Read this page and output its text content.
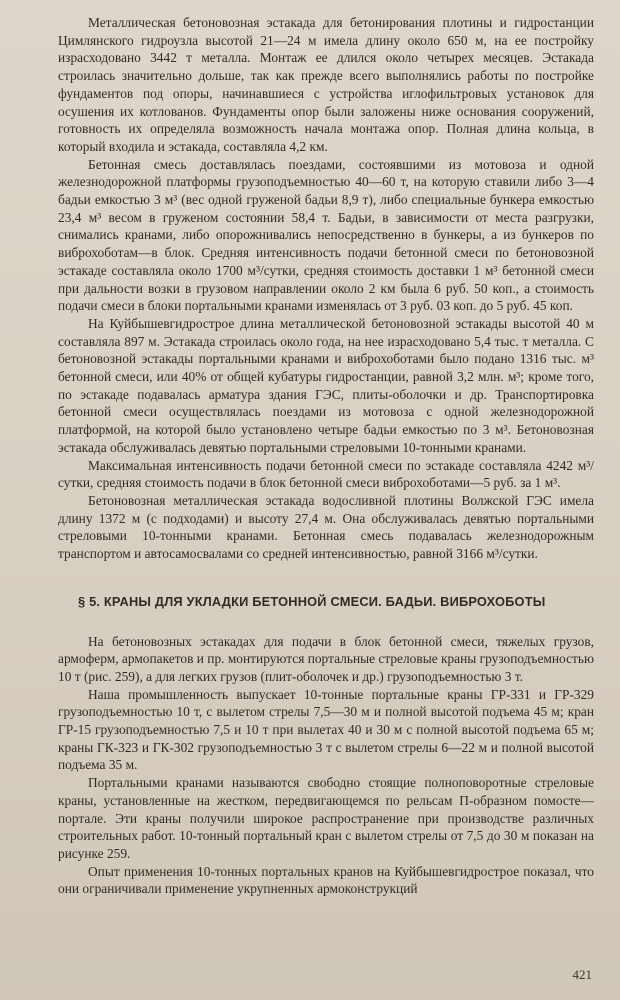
Металлическая бетоновозная эстакада для бетонирования плотины и гидростанции Цимлянского гидроузла высотой 21—24 м имела длину около 650 м, на ее постройку израсходовано 3442 т металла. Монтаж ее длился около четырех месяцев. Эстакада строилась значительно дольше, так как прежде всего выполнялись работы по постройке фундаментов под опоры, начинавшиеся с устройства иглофильтровых установок для осушения их котлованов. Фундаменты опор были заложены ниже основания сооружений, готовность их определяла возможность начала монтажа опор. Полная длина кольца, в который входила и эстакада, составляла 4,2 км.

Бетонная смесь доставлялась поездами, состоявшими из мотовоза и одной железнодорожной платформы грузоподъемностью 40—60 т, на которую ставили либо 3—4 бадьи емкостью 3 м³ (вес одной груженой бадьи 8,9 т), либо специальные бункера емкостью 23,4 м³ весом в груженом состоянии 58,4 т. Бадьи, в зависимости от места разгрузки, снимались кранами, либо опорожнивались непосредственно в бункеры, а из бункеров по виброхоботам—в блок. Средняя интенсивность подачи бетонной смеси по бетоновозной эстакаде составляла около 1700 м³/сутки, средняя стоимость доставки 1 м³ бетонной смеси при дальности возки в грузовом направлении около 2 км была 6 руб. 50 коп., а стоимость подачи смеси в блоки портальными кранами изменялась от 3 руб. 03 коп. до 5 руб. 45 коп.

На Куйбышевгидрострое длина металлической бетоновозной эстакады высотой 40 м составляла 897 м. Эстакада строилась около года, на нее израсходовано 5,4 тыс. т металла. С бетоновозной эстакады портальными кранами и виброхоботами было подано 1316 тыс. м³ бетонной смеси, или 40% от общей кубатуры гидростанции, равной 3,2 млн. м³; кроме того, по эстакаде подавалась арматура здания ГЭС, плиты-оболочки и др. Транспортировка бетонной смеси осуществлялась поездами из мотовоза с одной железнодорожной платформой, на которой было установлено четыре бадьи емкостью по 3 м³. Бетоновозная эстакада обслуживалась девятью портальными стреловыми 10-тонными кранами.

Максимальная интенсивность подачи бетонной смеси по эстакаде составляла 4242 м³/сутки, средняя стоимость подачи в блок бетонной смеси виброхоботами—5 руб. за 1 м³.

Бетоновозная металлическая эстакада водосливной плотины Волжской ГЭС имела длину 1372 м (с подходами) и высоту 27,4 м. Она обслуживалась девятью портальными стреловыми 10-тонными кранами. Бетонная смесь подавалась железнодорожным транспортом и автосамосвалами со средней интенсивностью, равной 3166 м³/сутки.

§ 5. КРАНЫ ДЛЯ УКЛАДКИ БЕТОННОЙ СМЕСИ. БАДЬИ. ВИБРОХОБОТЫ

На бетоновозных эстакадах для подачи в блок бетонной смеси, тяжелых грузов, армоферм, армопакетов и пр. монтируются портальные стреловые краны грузоподъемностью 10 т (рис. 259), а для легких грузов (плит-оболочек и др.) грузоподъемностью 3 т.

Наша промышленность выпускает 10-тонные портальные краны ГР-331 и ГР-329 грузоподъемностью 10 т, с вылетом стрелы 7,5—30 м и полной высотой подъема 45 м; кран ГР-15 грузоподъемностью 7,5 и 10 т при вылетах 40 и 30 м с полной высотой подъема 65 м; краны ГК-323 и ГК-302 грузоподъемностью 3 т с вылетом стрелы 6—22 м и полной высотой подъема 35 м.

Портальными кранами называются свободно стоящие полноповоротные стреловые краны, установленные на жестком, передвигающемся по рельсам П-образном помосте—портале. Эти краны получили широкое распространение при производстве различных строительных работ. 10-тонный портальный кран с вылетом стрелы от 7,5 до 30 м показан на рисунке 259.

Опыт применения 10-тонных портальных кранов на Куйбышевгидрострое показал, что они ограничивали применение укрупненных армоконструкций

421
